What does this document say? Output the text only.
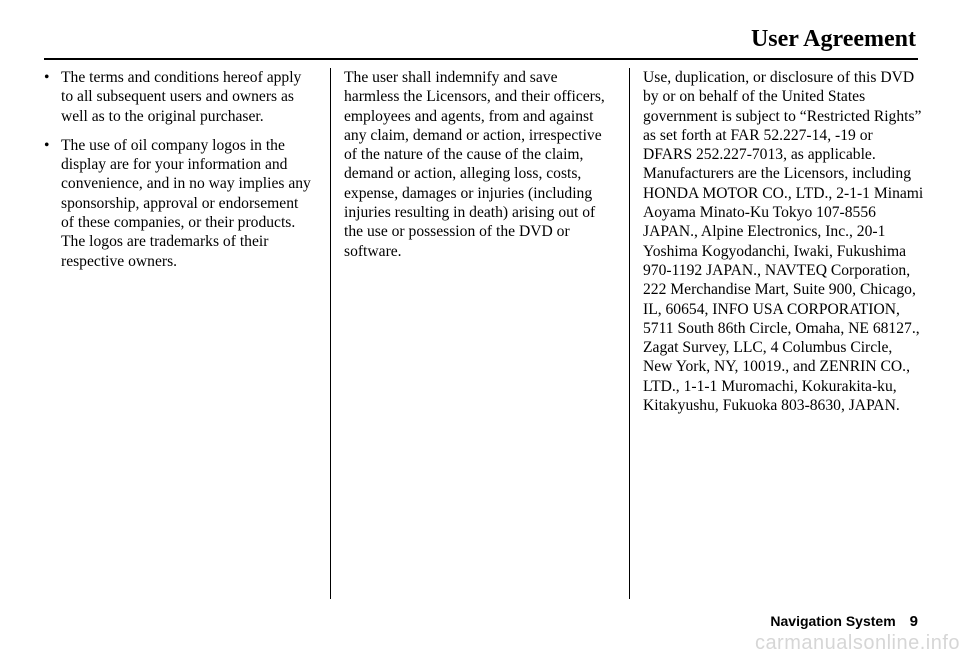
User Agreement
• The terms and conditions hereof apply to all subsequent users and owners as well as to the original purchaser.
• The use of oil company logos in the display are for your information and convenience, and in no way implies any sponsorship, approval or endorsement of these companies, or their products. The logos are trademarks of their respective owners.

The user shall indemnify and save harmless the Licensors, and their officers, employees and agents, from and against any claim, demand or action, irrespective of the nature of the cause of the claim, demand or action, alleging loss, costs, expense, damages or injuries (including injuries resulting in death) arising out of the use or possession of the DVD or software.

Use, duplication, or disclosure of this DVD by or on behalf of the United States government is subject to “Restricted Rights” as set forth at FAR 52.227-14, -19 or DFARS 252.227-7013, as applicable. Manufacturers are the Licensors, including HONDA MOTOR CO., LTD., 2-1-1 Minami Aoyama Minato-Ku Tokyo 107-8556 JAPAN., Alpine Electronics, Inc., 20-1 Yoshima Kogyodanchi, Iwaki, Fukushima 970-1192 JAPAN., NAVTEQ Corporation, 222 Merchandise Mart, Suite 900, Chicago, IL, 60654, INFO USA CORPORATION, 5711 South 86th Circle, Omaha, NE 68127.,
Zagat Survey, LLC, 4 Columbus Circle, New York, NY, 10019., and ZENRIN CO., LTD., 1-1-1 Muromachi, Kokurakita-ku, Kitakyushu, Fukuoka 803-8630, JAPAN.

Navigation System 9
carmanualsonline.info
